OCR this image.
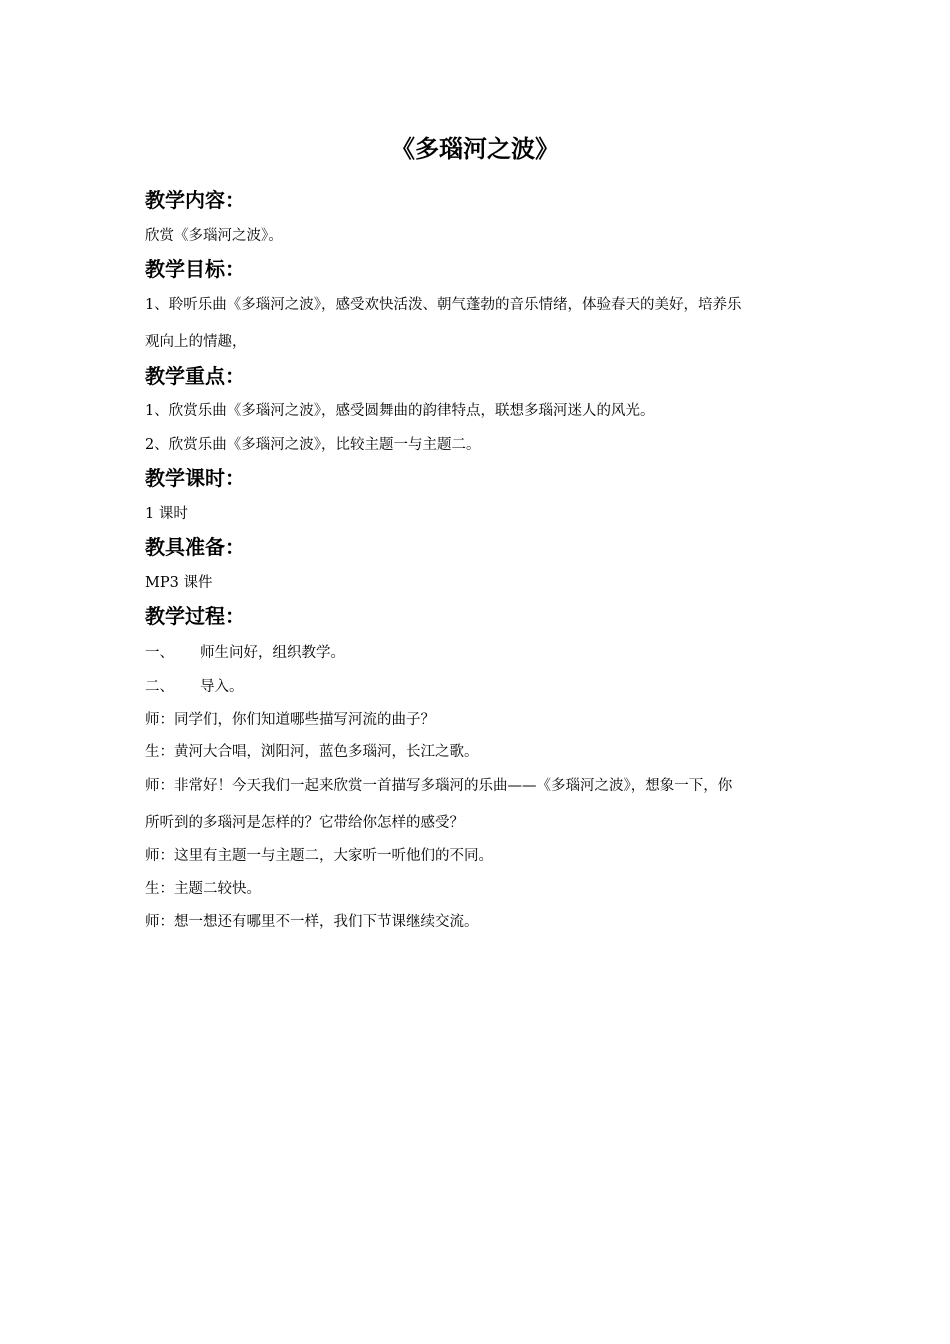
《多瑙河之波》
教学内容：
欣赏《多瑙河之波》。
教学目标：
1、聆听乐曲《多瑙河之波》，感受欢快活泼、朝气蓬勃的音乐情绪，体验春天的美好，培养乐
观向上的情趣，
教学重点：
1、欣赏乐曲《多瑙河之波》，感受圆舞曲的韵律特点，联想多瑙河迷人的风光。
2、欣赏乐曲《多瑙河之波》，比较主题一与主题二。
教学课时：
1 课时
教具准备：
MP3 课件
教学过程：
一、 师生问好，组织教学。
二、 导入。
师：同学们，你们知道哪些描写河流的曲子？
生：黄河大合唱，浏阳河，蓝色多瑙河，长江之歌。
师：非常好！今天我们一起来欣赏一首描写多瑙河的乐曲——《多瑙河之波》，想象一下，你
所听到的多瑙河是怎样的？它带给你怎样的感受？
师：这里有主题一与主题二，大家听一听他们的不同。
生：主题二较快。
师：想一想还有哪里不一样，我们下节课继续交流。
